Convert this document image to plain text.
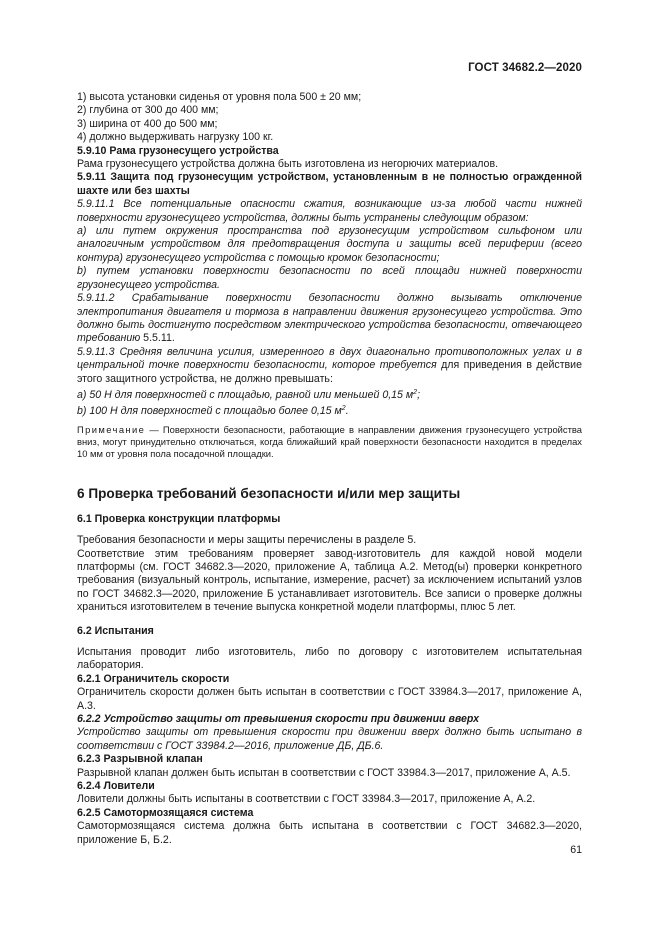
ГОСТ 34682.2—2020

1) высота установки сиденья от уровня пола 500 ± 20 мм;

2) глубина от 300 до 400 мм;

3) ширина от 400 до 500 мм;

4) должно выдерживать нагрузку 100 кг.

5.9.10 Рама грузонесущего устройства

Рама грузонесущего устройства должна быть изготовлена из негорючих материалов.

5.9.11 Защита под грузонесущим устройством, установленным в не полностью огражденной шахте или без шахты

5.9.11.1 Все потенциальные опасности сжатия, возникающие из-за любой части нижней поверхности грузонесущего устройства, должны быть устранены следующим образом:

a) или путем окружения пространства под грузонесущим устройством сильфоном или аналогичным устройством для предотвращения доступа и защиты всей периферии (всего контура) грузонесущего устройства с помощью кромок безопасности;

b) путем установки поверхности безопасности по всей площади нижней поверхности грузонесущего устройства.

5.9.11.2 Срабатывание поверхности безопасности должно вызывать отключение электропитания двигателя и тормоза в направлении движения грузонесущего устройства. Это должно быть достигнуто посредством электрического устройства безопасности, отвечающего требованию 5.5.11.

5.9.11.3 Средняя величина усилия, измеренного в двух диагонально противоположных углах и в центральной точке поверхности безопасности, которое требуется для приведения в действие этого защитного устройства, не должно превышать:

a) 50 Н для поверхностей с площадью, равной или меньшей 0,15 $м^2$;

b) 100 Н для поверхностей с площадью более 0,15 $м^2$.

Примечание — Поверхности безопасности, работающие в направлении движения грузонесущего устройства вниз, могут принудительно отключаться, когда ближайший край поверхности безопасности находится в пределах 10 мм от уровня пола посадочной площадки.

6 Проверка требований безопасности и/или мер защиты
6.1 Проверка конструкции платформы

Требования безопасности и меры защиты перечислены в разделе 5.

Соответствие этим требованиям проверяет завод-изготовитель для каждой новой модели платформы (см. ГОСТ 34682.3—2020, приложение А, таблица А.2. Метод(ы) проверки конкретного требования (визуальный контроль, испытание, измерение, расчет) за исключением испытаний узлов по ГОСТ 34682.3—2020, приложение Б устанавливает изготовитель. Все записи о проверке должны храниться изготовителем в течение выпуска конкретной модели платформы, плюс 5 лет.

6.2 Испытания

Испытания проводит либо изготовитель, либо по договору с изготовителем испытательная лаборатория.

6.2.1 Ограничитель скорости

Ограничитель скорости должен быть испытан в соответствии с ГОСТ 33984.3—2017, приложение А, А.3.

6.2.2 Устройство защиты от превышения скорости при движении вверх

Устройство защиты от превышения скорости при движении вверх должно быть испытано в соответствии с ГОСТ 33984.2—2016, приложение ДБ, ДБ.6.

6.2.3 Разрывной клапан

Разрывной клапан должен быть испытан в соответствии с ГОСТ 33984.3—2017, приложение А, А.5.

6.2.4 Ловители

Ловители должны быть испытаны в соответствии с ГОСТ 33984.3—2017, приложение А, А.2.

6.2.5 Самотормозящаяся система

Самотормозящаяся система должна быть испытана в соответствии с ГОСТ 34682.3—2020, приложение Б, Б.2.

61
